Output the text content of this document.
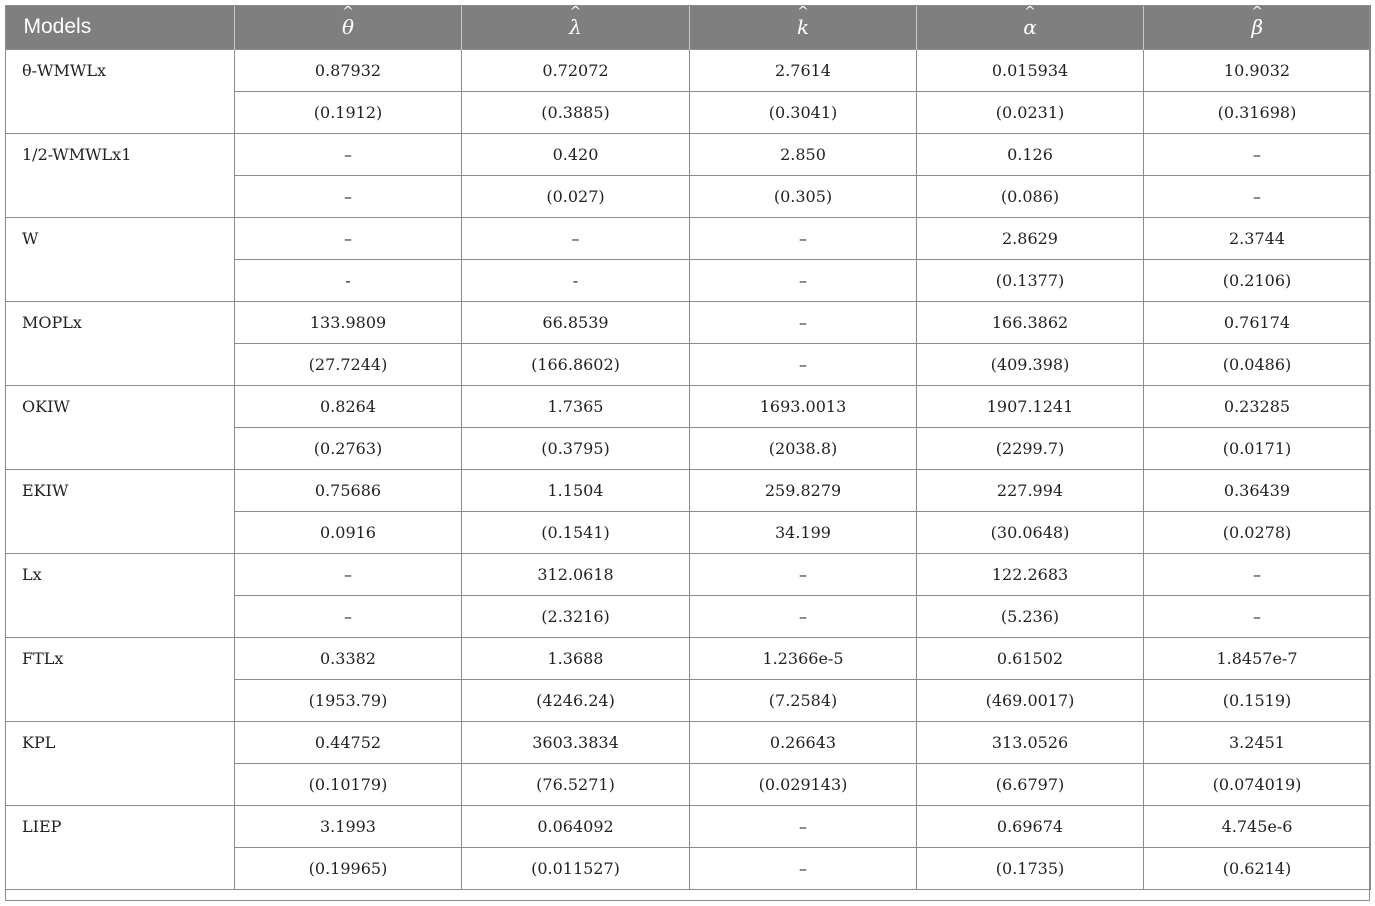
Models	^ θ	^ λ	^ k	^ α	^ β
θ-WMWLx	0.87932	0.72072	2.7614	0.015934	10.9032
	(0.1912)	(0.3885)	(0.3041)	(0.0231)	(0.31698)
1/2-WMWLx1	–	0.420	2.850	0.126	–
	–	(0.027)	(0.305)	(0.086)	–
W	–	–	–	2.8629	2.3744
	-	-	–	(0.1377)	(0.2106)
MOPLx	133.9809	66.8539	–	166.3862	0.76174
	(27.7244)	(166.8602)	–	(409.398)	(0.0486)
OKIW	0.8264	1.7365	1693.0013	1907.1241	0.23285
	(0.2763)	(0.3795)	(2038.8)	(2299.7)	(0.0171)
EKIW	0.75686	1.1504	259.8279	227.994	0.36439
	0.0916	(0.1541)	34.199	(30.0648)	(0.0278)
Lx	–	312.0618	–	122.2683	–
	–	(2.3216)	–	(5.236)	–
FTLx	0.3382	1.3688	1.2366e-5	0.61502	1.8457e-7
	(1953.79)	(4246.24)	(7.2584)	(469.0017)	(0.1519)
KPL	0.44752	3603.3834	0.26643	313.0526	3.2451
	(0.10179)	(76.5271)	(0.029143)	(6.6797)	(0.074019)
LIEP	3.1993	0.064092	–	0.69674	4.745e-6
	(0.19965)	(0.011527)	–	(0.1735)	(0.6214)
